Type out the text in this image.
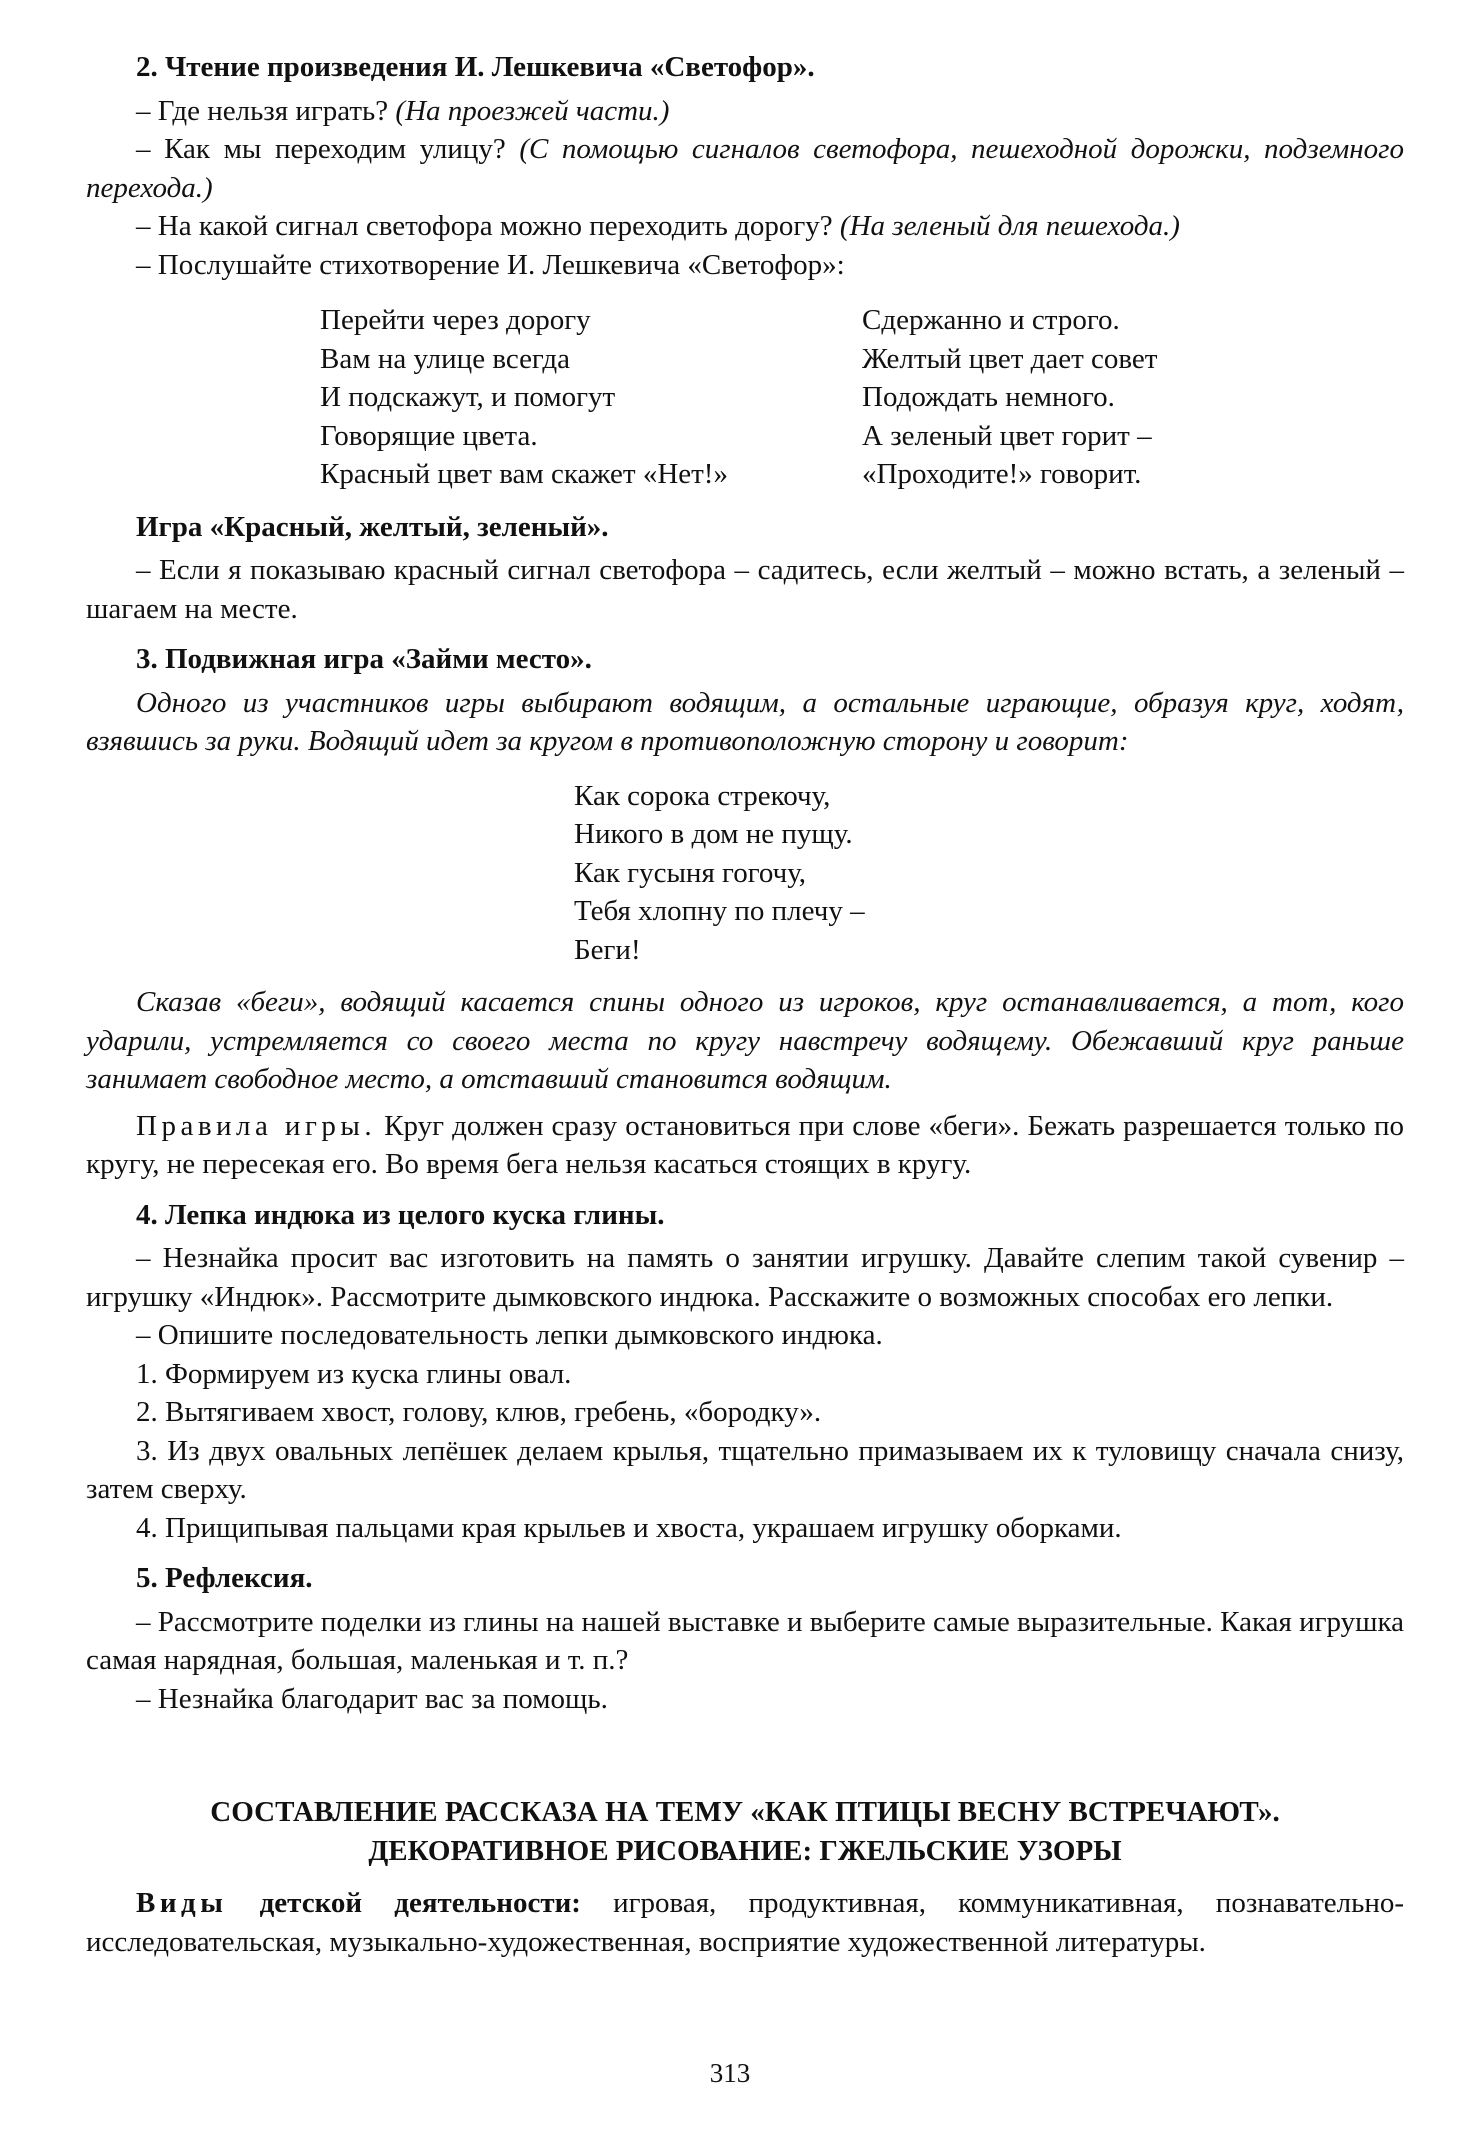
2. Чтение произведения И. Лешкевича «Светофор».

– Где нельзя играть? (На проезжей части.)

– Как мы переходим улицу? (С помощью сигналов светофора, пешеходной дорожки, подземного перехода.)

– На какой сигнал светофора можно переходить дорогу? (На зеленый для пешехода.)

– Послушайте стихотворение И. Лешкевича «Светофор»:

Перейти через дорогу
Вам на улице всегда
И подскажут, и помогут
Говорящие цвета.
Красный цвет вам скажет «Нет!»
Сдержанно и строго.
Желтый цвет дает совет
Подождать немного.
А зеленый цвет горит –
«Проходите!» говорит.

Игра «Красный, желтый, зеленый».

– Если я показываю красный сигнал светофора – садитесь, если желтый – можно встать, а зеленый – шагаем на месте.

3. Подвижная игра «Займи место».

Одного из участников игры выбирают водящим, а остальные играющие, образуя круг, ходят, взявшись за руки. Водящий идет за кругом в противоположную сторону и говорит:

Как сорока стрекочу,
Никого в дом не пущу.
Как гусыня гогочу,
Тебя хлопну по плечу –
Беги!

Сказав «беги», водящий касается спины одного из игроков, круг останавливается, а тот, кого ударили, устремляется со своего места по кругу навстречу водящему. Обежавший круг раньше занимает свободное место, а отставший становится водящим.

Правила игры. Круг должен сразу остановиться при слове «беги». Бежать разрешается только по кругу, не пересекая его. Во время бега нельзя касаться стоящих в кругу.

4. Лепка индюка из целого куска глины.

– Незнайка просит вас изготовить на память о занятии игрушку. Давайте слепим такой сувенир – игрушку «Индюк». Рассмотрите дымковского индюка. Расскажите о возможных способах его лепки.

– Опишите последовательность лепки дымковского индюка.

1. Формируем из куска глины овал.

2. Вытягиваем хвост, голову, клюв, гребень, «бородку».

3. Из двух овальных лепёшек делаем крылья, тщательно примазываем их к туловищу сначала снизу, затем сверху.

4. Прищипывая пальцами края крыльев и хвоста, украшаем игрушку оборками.

5. Рефлексия.

– Рассмотрите поделки из глины на нашей выставке и выберите самые выразительные. Какая игрушка самая нарядная, большая, маленькая и т. п.?

– Незнайка благодарит вас за помощь.

СОСТАВЛЕНИЕ РАССКАЗА НА ТЕМУ «КАК ПТИЦЫ ВЕСНУ ВСТРЕЧАЮТ».
ДЕКОРАТИВНОЕ РИСОВАНИЕ: ГЖЕЛЬСКИЕ УЗОРЫ

Виды детской деятельности: игровая, продуктивная, коммуникативная, познавательно-исследовательская, музыкально-художественная, восприятие художественной литературы.

313
